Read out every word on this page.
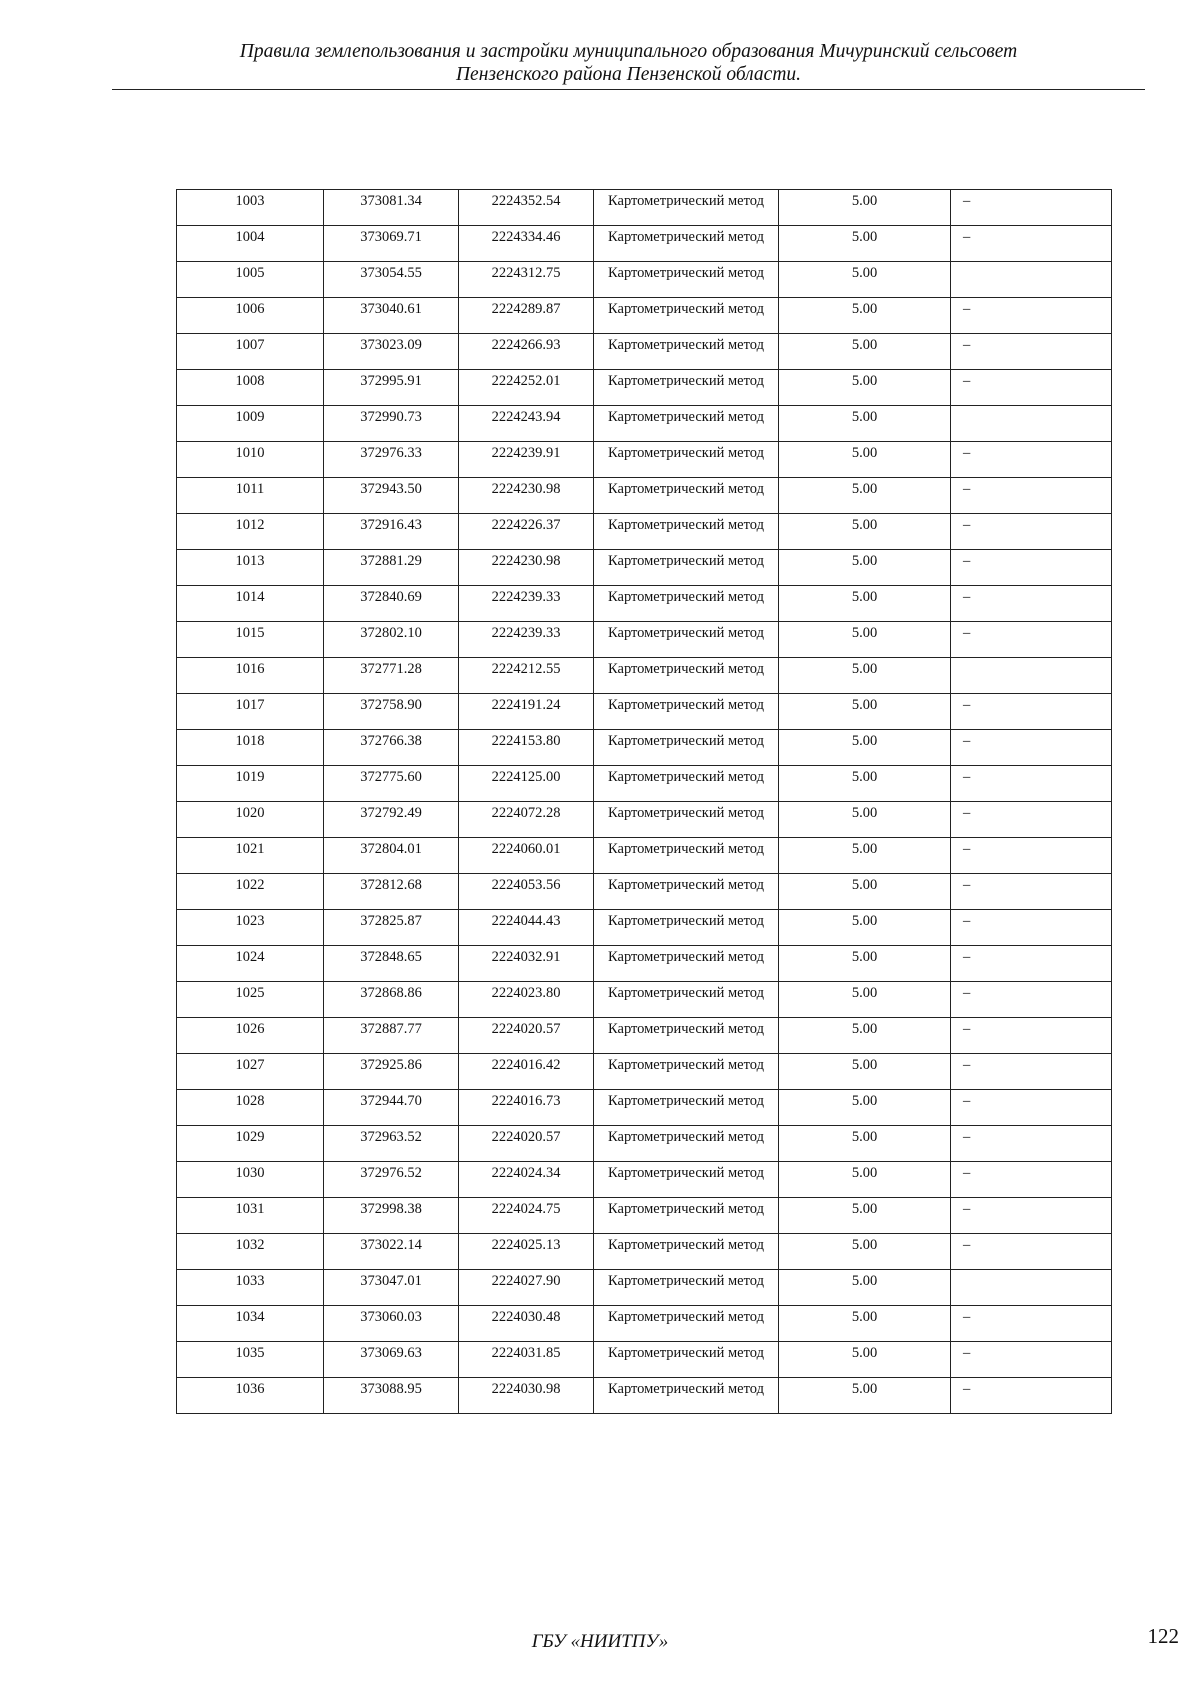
Правила землепользования и застройки муниципального образования Мичуринский сельсовет
Пензенского района Пензенской области.
1003	373081.34	2224352.54	Картометрический метод	5.00	–

1004	373069.71	2224334.46	Картометрический метод	5.00	–

1005	373054.55	2224312.75	Картометрический метод	5.00	

1006	373040.61	2224289.87	Картометрический метод	5.00	–

1007	373023.09	2224266.93	Картометрический метод	5.00	–

1008	372995.91	2224252.01	Картометрический метод	5.00	–

1009	372990.73	2224243.94	Картометрический метод	5.00	

1010	372976.33	2224239.91	Картометрический метод	5.00	–

1011	372943.50	2224230.98	Картометрический метод	5.00	–

1012	372916.43	2224226.37	Картометрический метод	5.00	–

1013	372881.29	2224230.98	Картометрический метод	5.00	–

1014	372840.69	2224239.33	Картометрический метод	5.00	–

1015	372802.10	2224239.33	Картометрический метод	5.00	–

1016	372771.28	2224212.55	Картометрический метод	5.00	

1017	372758.90	2224191.24	Картометрический метод	5.00	–

1018	372766.38	2224153.80	Картометрический метод	5.00	–

1019	372775.60	2224125.00	Картометрический метод	5.00	–

1020	372792.49	2224072.28	Картометрический метод	5.00	–

1021	372804.01	2224060.01	Картометрический метод	5.00	–

1022	372812.68	2224053.56	Картометрический метод	5.00	–

1023	372825.87	2224044.43	Картометрический метод	5.00	–

1024	372848.65	2224032.91	Картометрический метод	5.00	–

1025	372868.86	2224023.80	Картометрический метод	5.00	–

1026	372887.77	2224020.57	Картометрический метод	5.00	–

1027	372925.86	2224016.42	Картометрический метод	5.00	–

1028	372944.70	2224016.73	Картометрический метод	5.00	–

1029	372963.52	2224020.57	Картометрический метод	5.00	–

1030	372976.52	2224024.34	Картометрический метод	5.00	–

1031	372998.38	2224024.75	Картометрический метод	5.00	–

1032	373022.14	2224025.13	Картометрический метод	5.00	–

1033	373047.01	2224027.90	Картометрический метод	5.00	

1034	373060.03	2224030.48	Картометрический метод	5.00	–

1035	373069.63	2224031.85	Картометрический метод	5.00	–

1036	373088.95	2224030.98	Картометрический метод	5.00	–
ГБУ «НИИТПУ»	122
